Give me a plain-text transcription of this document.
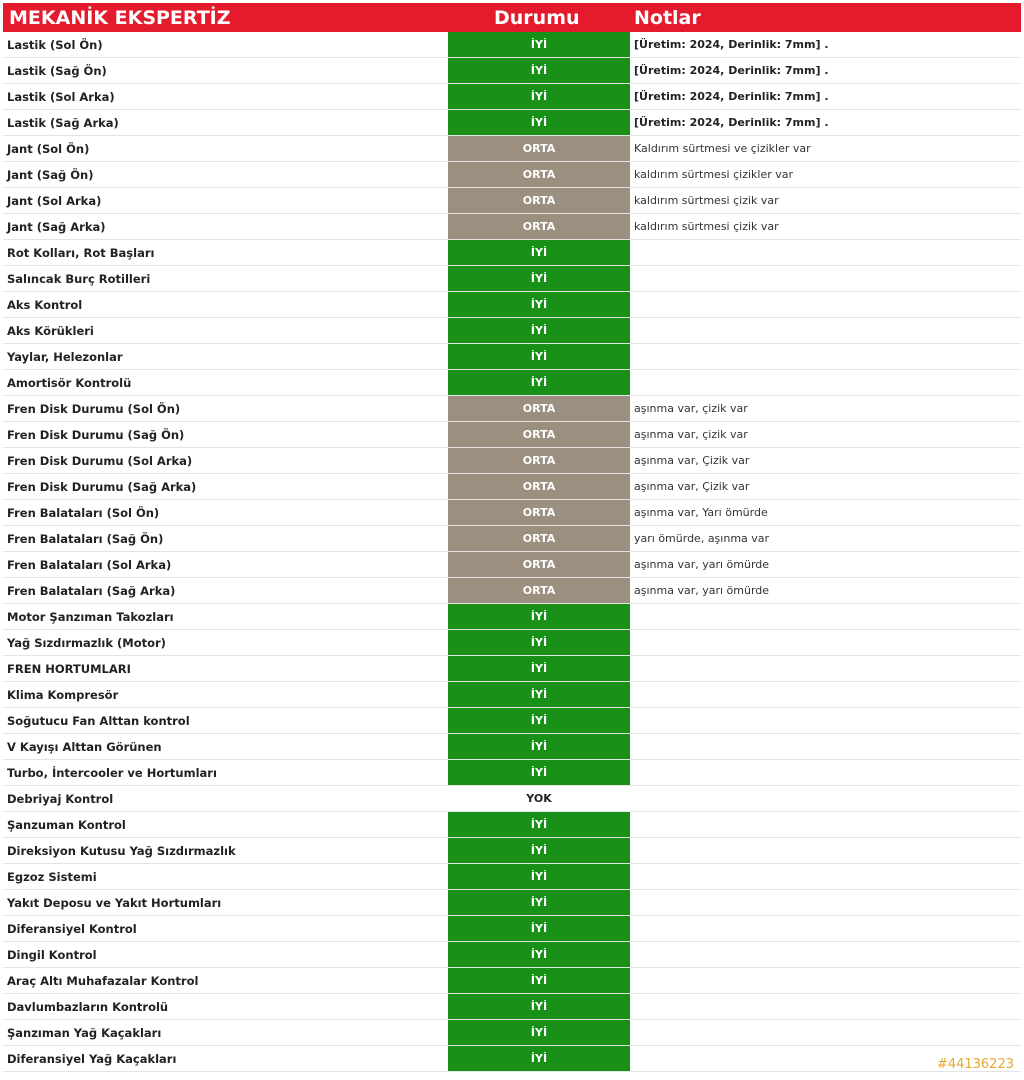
MEKANİK EKSPERTİZ	Durumu	Notlar
Lastik (Sol Ön)	İYİ	[Üretim: 2024, Derinlik: 7mm] .
Lastik (Sağ Ön)	İYİ	[Üretim: 2024, Derinlik: 7mm] .
Lastik (Sol Arka)	İYİ	[Üretim: 2024, Derinlik: 7mm] .
Lastik (Sağ Arka)	İYİ	[Üretim: 2024, Derinlik: 7mm] .
Jant (Sol Ön)	ORTA	Kaldırım sürtmesi ve çizikler var
Jant (Sağ Ön)	ORTA	kaldırım sürtmesi çizikler var
Jant (Sol Arka)	ORTA	kaldırım sürtmesi çizik var
Jant (Sağ Arka)	ORTA	kaldırım sürtmesi çizik var
Rot Kolları, Rot Başları	İYİ
Salıncak Burç Rotilleri	İYİ
Aks Kontrol	İYİ
Aks Körükleri	İYİ
Yaylar, Helezonlar	İYİ
Amortisör Kontrolü	İYİ
Fren Disk Durumu (Sol Ön)	ORTA	aşınma var, çizik var
Fren Disk Durumu (Sağ Ön)	ORTA	aşınma var, çizik var
Fren Disk Durumu (Sol Arka)	ORTA	aşınma var, Çizik var
Fren Disk Durumu (Sağ Arka)	ORTA	aşınma var, Çizik var
Fren Balataları (Sol Ön)	ORTA	aşınma var, Yarı ömürde
Fren Balataları (Sağ Ön)	ORTA	yarı ömürde, aşınma var
Fren Balataları (Sol Arka)	ORTA	aşınma var, yarı ömürde
Fren Balataları (Sağ Arka)	ORTA	aşınma var, yarı ömürde
Motor Şanzıman Takozları	İYİ
Yağ Sızdırmazlık (Motor)	İYİ
FREN HORTUMLARI	İYİ
Klima Kompresör	İYİ
Soğutucu Fan Alttan kontrol	İYİ
V Kayışı Alttan Görünen	İYİ
Turbo, İntercooler ve Hortumları	İYİ
Debriyaj Kontrol	YOK
Şanzuman Kontrol	İYİ
Direksiyon Kutusu Yağ Sızdırmazlık	İYİ
Egzoz Sistemi	İYİ
Yakıt Deposu ve Yakıt Hortumları	İYİ
Diferansiyel Kontrol	İYİ
Dingil Kontrol	İYİ
Araç Altı Muhafazalar Kontrol	İYİ
Davlumbazların Kontrolü	İYİ
Şanzıman Yağ Kaçakları	İYİ
Diferansiyel Yağ Kaçakları	İYİ	#44136223
